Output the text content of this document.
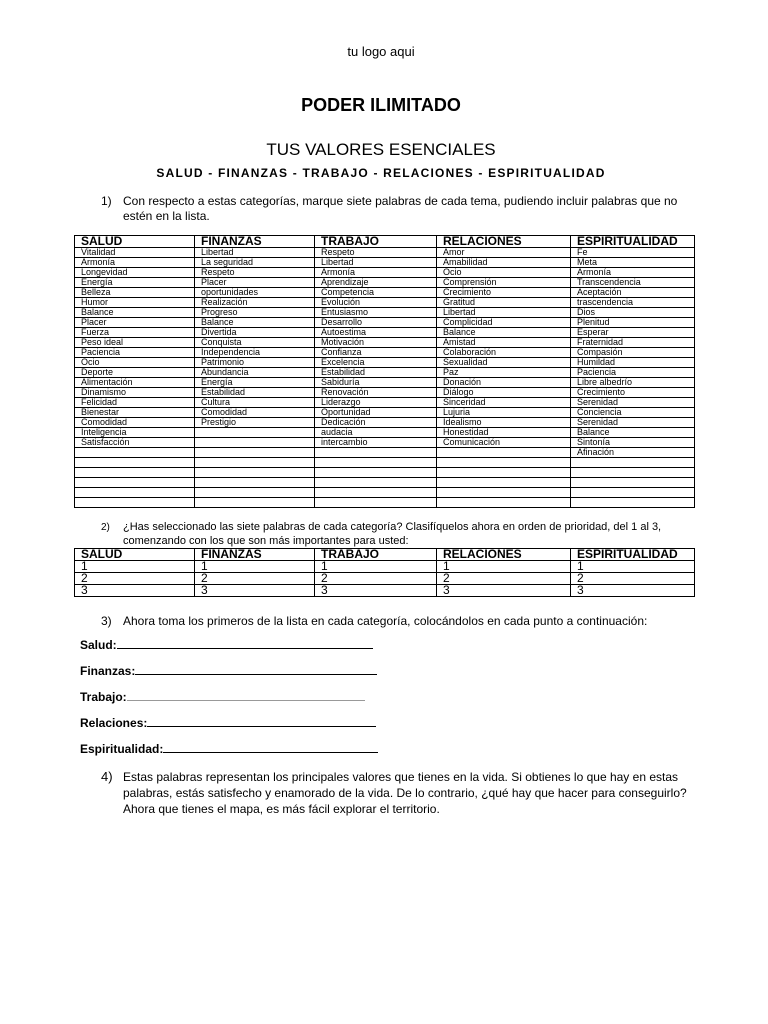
tu logo aqui
PODER ILIMITADO
TUS VALORES ESENCIALES
SALUD - FINANZAS - TRABAJO - RELACIONES - ESPIRITUALIDAD
1) Con respecto a estas categorías, marque siete palabras de cada tema, pudiendo incluir palabras que no
estén en la lista.
SALUD	FINANZAS	TRABAJO	RELACIONES	ESPIRITUALIDAD
Vitalidad	Libertad	Respeto	Amor	Fe
Armonía	La seguridad	Libertad	Amabilidad	Meta
Longevidad	Respeto	Armonía	Ocio	Armonía
Energía	Placer	Aprendizaje	Comprensión	Transcendencia
Belleza	oportunidades	Competencia	Crecimiento	Aceptación
Humor	Realización	Evolución	Gratitud	trascendencia
Balance	Progreso	Entusiasmo	Libertad	Dios
Placer	Balance	Desarrollo	Complicidad	Plenitud
Fuerza	Divertida	Autoestima	Balance	Esperar
Peso ideal	Conquista	Motivación	Amistad	Fraternidad
Paciencia	Independencia	Confianza	Colaboración	Compasión
Ocio	Patrimonio	Excelencia	Sexualidad	Humildad
Deporte	Abundancia	Estabilidad	Paz	Paciencia
Alimentación	Energía	Sabiduría	Donación	Libre albedrío
Dinamismo	Estabilidad	Renovación	Diálogo	Crecimiento
Felicidad	Cultura	Liderazgo	Sinceridad	Serenidad
Bienestar	Comodidad	Oportunidad	Lujuria	Conciencia
Comodidad	Prestigio	Dedicación	Idealismo	Serenidad
Inteligencia		audacia	Honestidad	Balance
Satisfacción		intercambio	Comunicación	Sintonía
				Afinación

2) ¿Has seleccionado las siete palabras de cada categoría? Clasifíquelos ahora en orden de prioridad, del 1 al 3,
comenzando con los que son más importantes para usted:
SALUD	FINANZAS	TRABAJO	RELACIONES	ESPIRITUALIDAD
1	1	1	1	1
2	2	2	2	2
3	3	3	3	3
3) Ahora toma los primeros de la lista en cada categoría, colocándolos en cada punto a continuación:
Salud:
Finanzas:
Trabajo:
Relaciones:
Espiritualidad:
4) Estas palabras representan los principales valores que tienes en la vida. Si obtienes lo que hay en estas
palabras, estás satisfecho y enamorado de la vida. De lo contrario, ¿qué hay que hacer para conseguirlo?
Ahora que tienes el mapa, es más fácil explorar el territorio.
